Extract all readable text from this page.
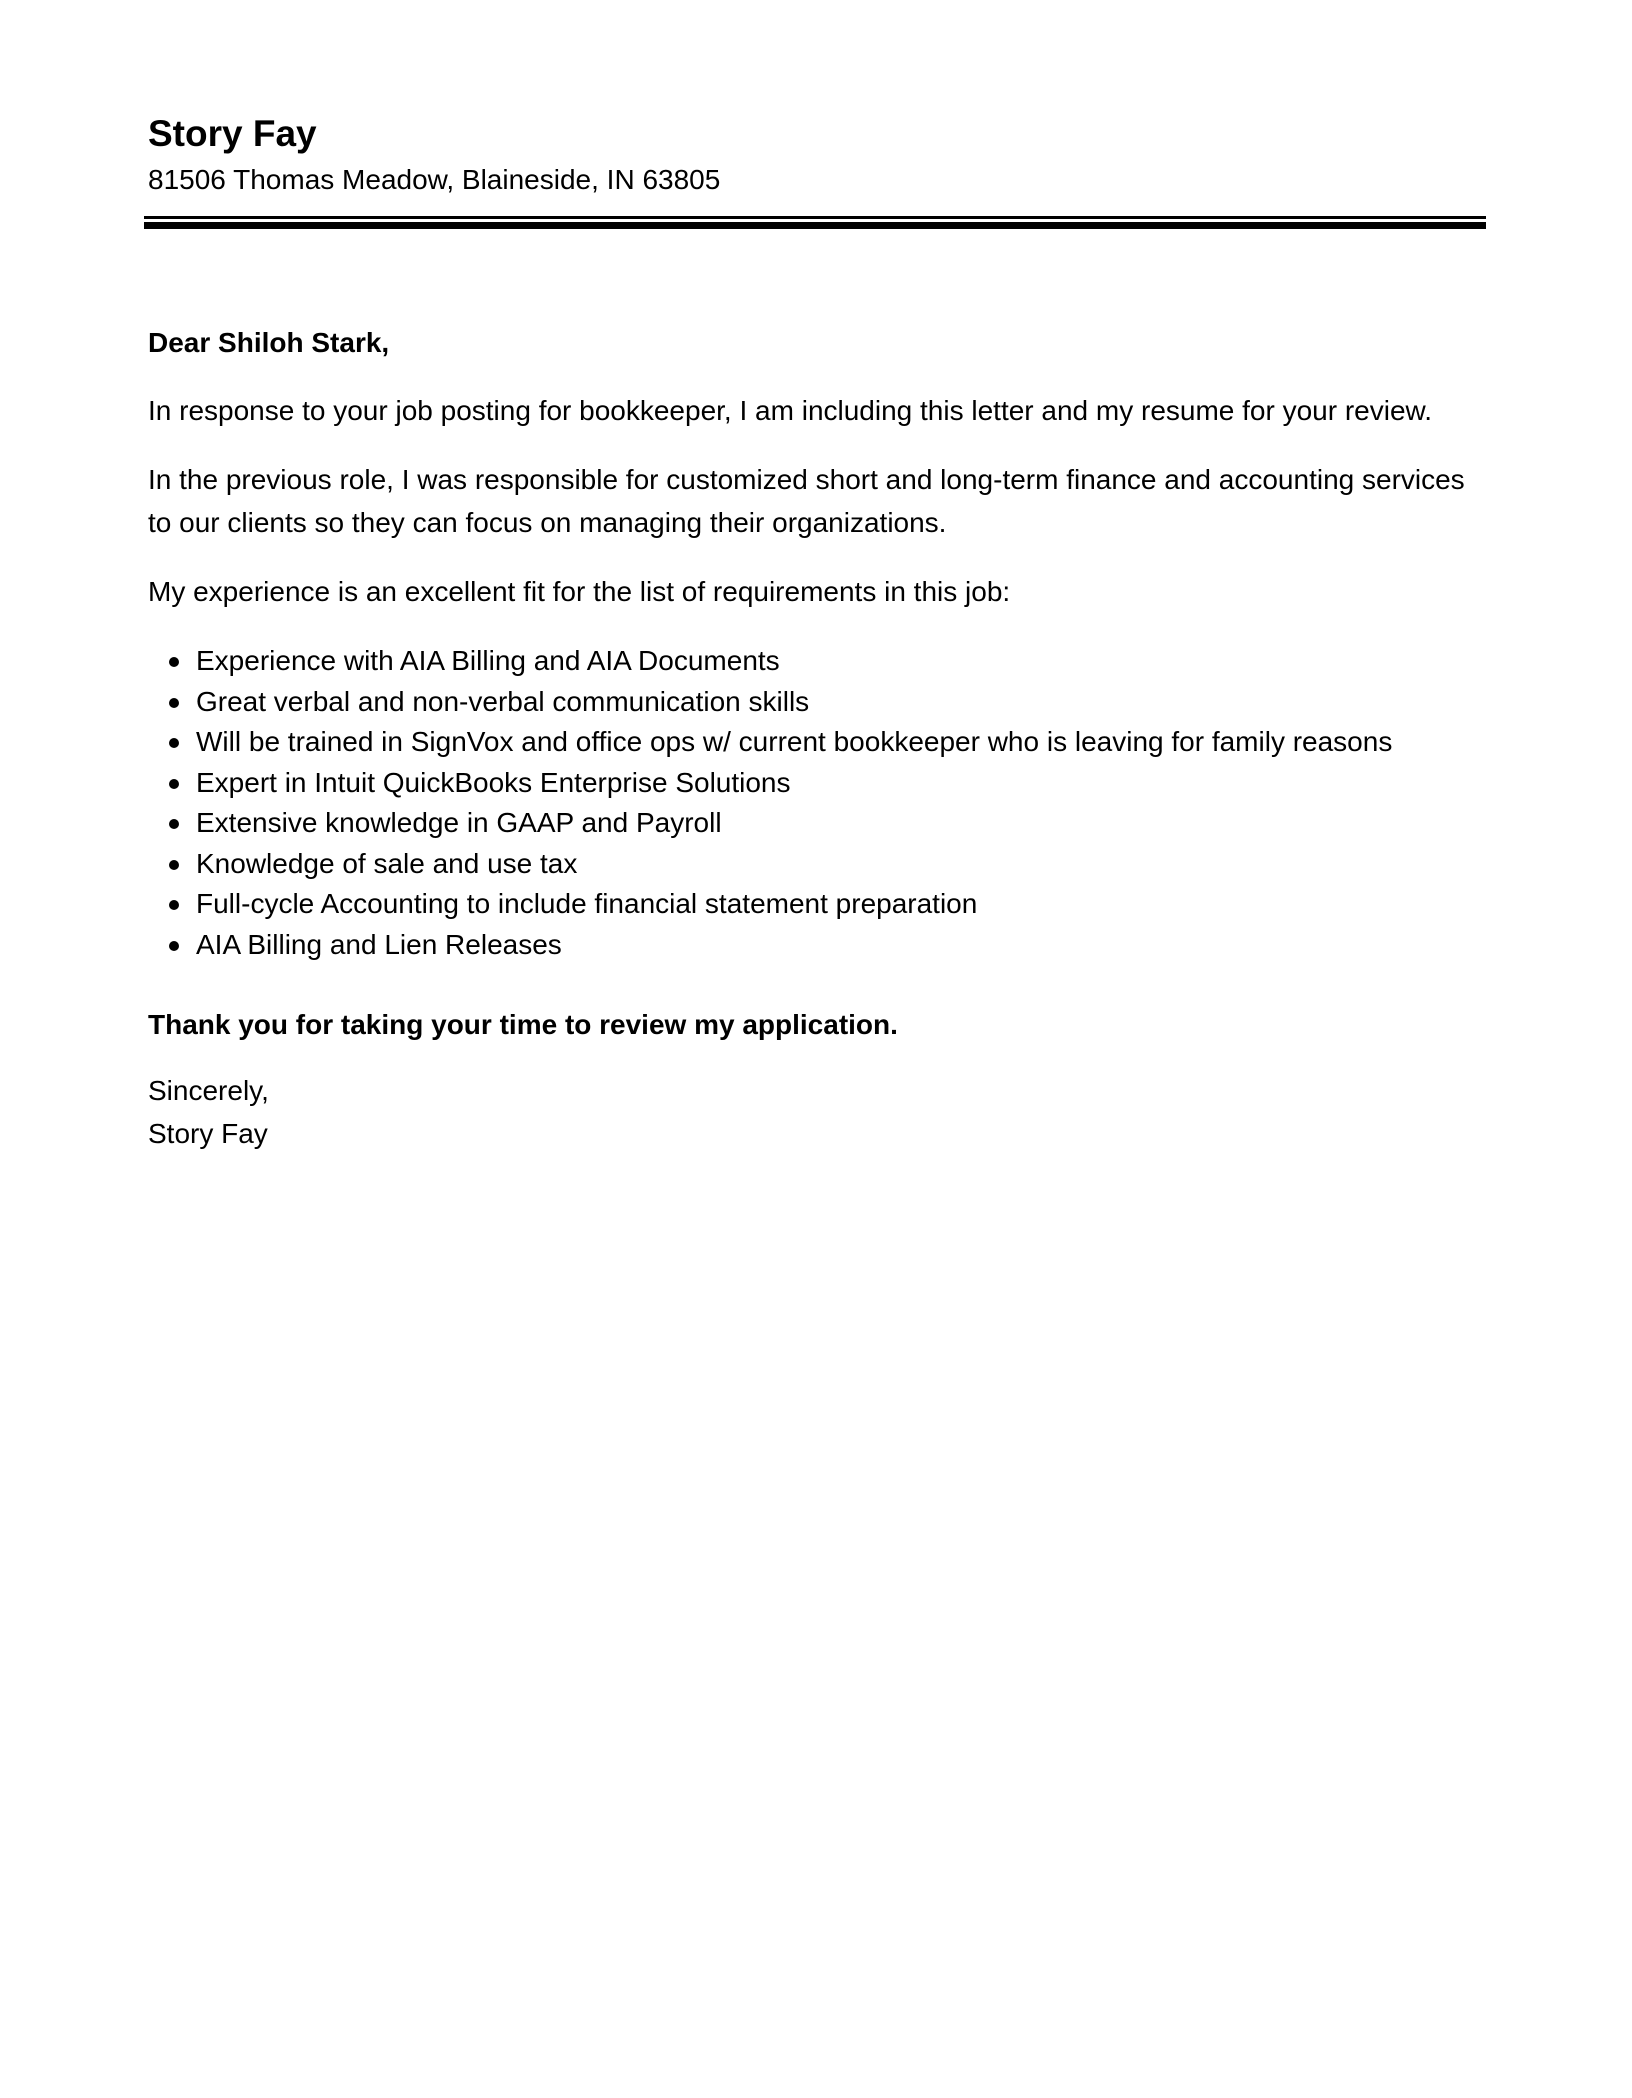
Story Fay

81506 Thomas Meadow, Blaineside, IN 63805

Dear Shiloh Stark,
In response to your job posting for bookkeeper, I am including this letter and my resume for your review.
In the previous role, I was responsible for customized short and long-term finance and accounting services to our clients so they can focus on managing their organizations.
My experience is an excellent fit for the list of requirements in this job:
Experience with AIA Billing and AIA Documents
Great verbal and non-verbal communication skills
Will be trained in SignVox and office ops w/ current bookkeeper who is leaving for family reasons
Expert in Intuit QuickBooks Enterprise Solutions
Extensive knowledge in GAAP and Payroll
Knowledge of sale and use tax
Full-cycle Accounting to include financial statement preparation
AIA Billing and Lien Releases
Thank you for taking your time to review my application.
Sincerely,
Story Fay
